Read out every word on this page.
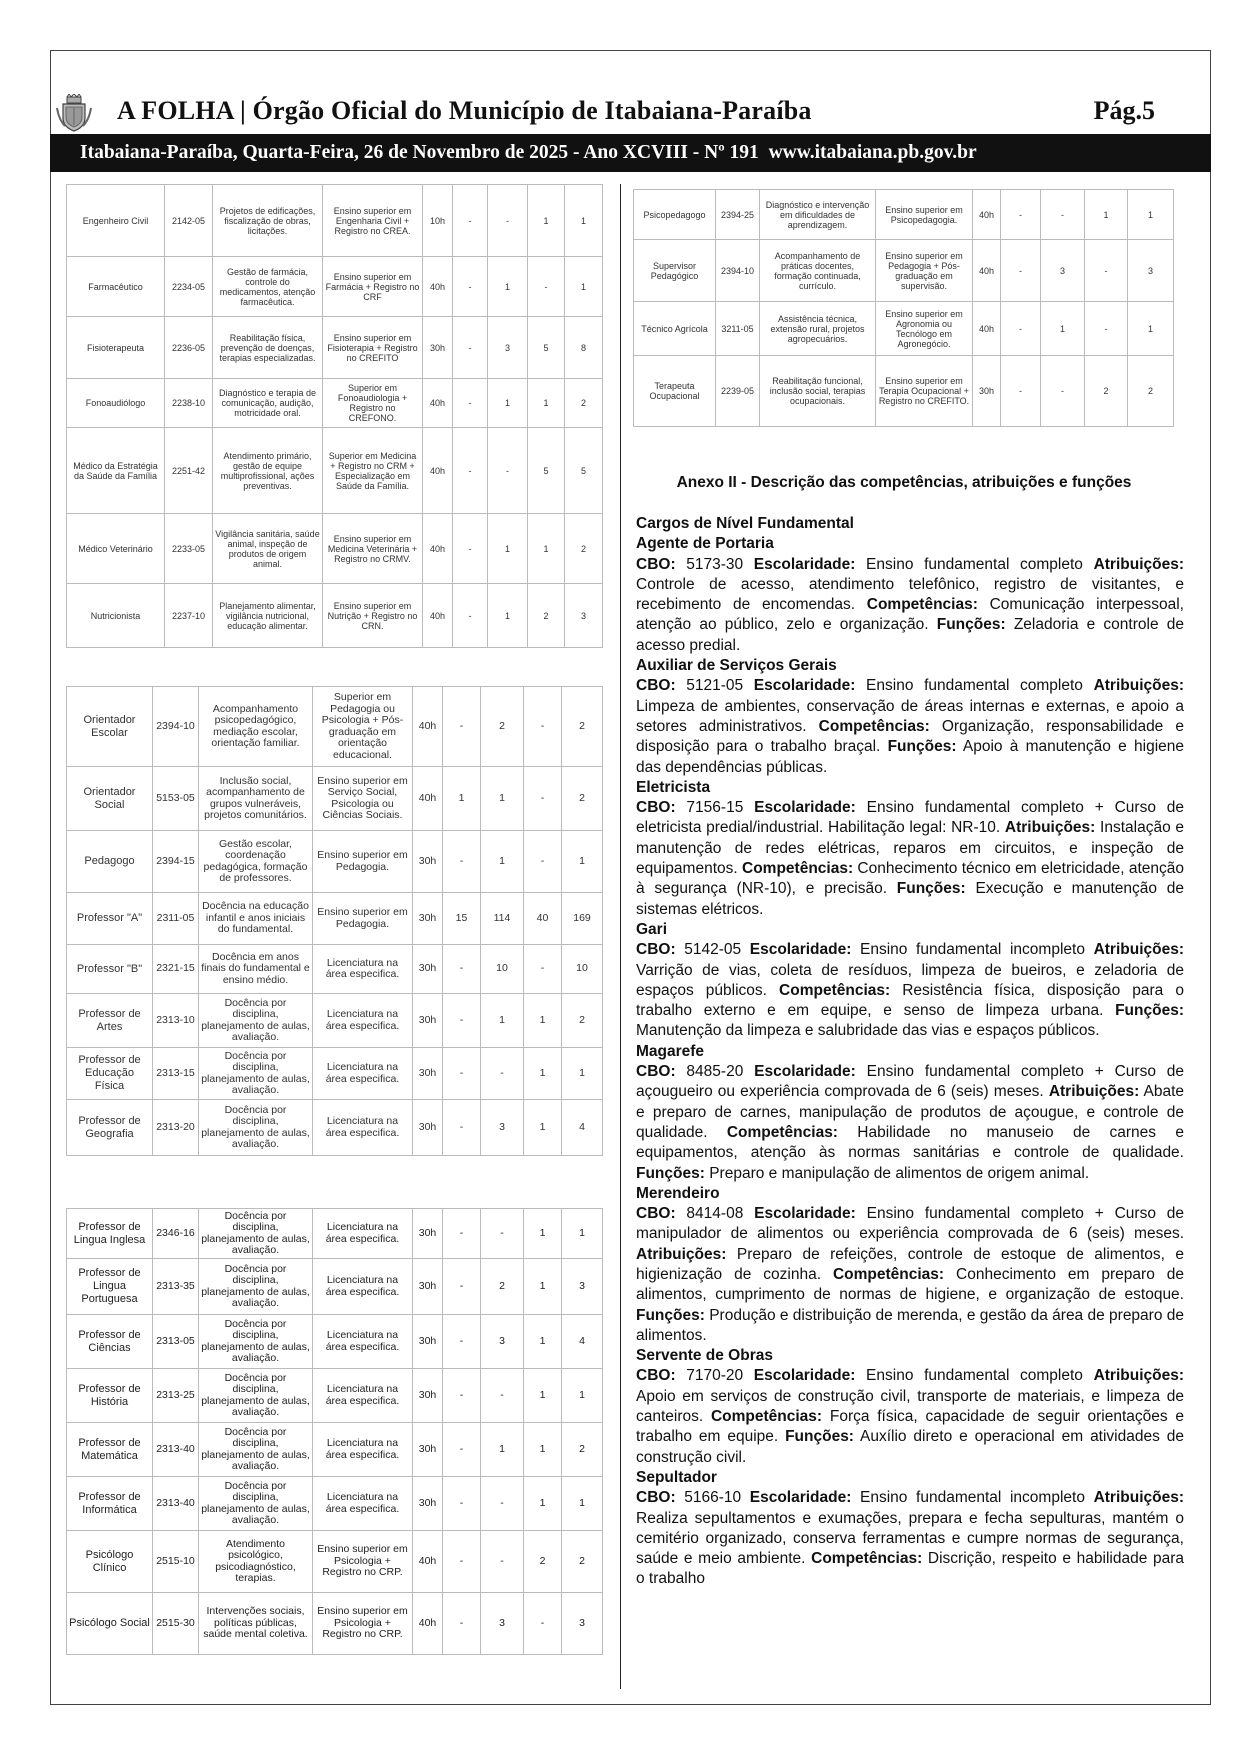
A FOLHA | Órgão Oficial do Município de Itabaiana-Paraíba	Pág.5
Itabaiana-Paraíba, Quarta-Feira, 26 de Novembro de 2025 - Ano XCVIII - Nº 191 www.itabaiana.pb.gov.br
Engenheiro Civil	2142-05	Projetos de edificações, fiscalização de obras, licitações.	Ensino superior em Engenharia Civil + Registro no CREA.	10h	-	-	1	1
Farmacêutico	2234-05	Gestão de farmácia, controle do medicamentos, atenção farmacêutica.	Ensino superior em Farmácia + Registro no CRF	40h	-	1	-	1
Fisioterapeuta	2236-05	Reabilitação física, prevenção de doenças, terapias especializadas.	Ensino superior em Fisioterapia + Registro no CREFITO	30h	-	3	5	8
Fonoaudiólogo	2238-10	Diagnóstico e terapia de comunicação, audição, motricidade oral.	Superior em Fonoaudiologia + Registro no CREFONO.	40h	-	1	1	2
Médico da Estratégia da Saúde da Família	2251-42	Atendimento primário, gestão de equipe multiprofissional, ações preventivas.	Superior em Medicina + Registro no CRM + Especialização em Saúde da Família.	40h	-	-	5	5
Médico Veterinário	2233-05	Vigilância sanitária, saúde animal, inspeção de produtos de origem animal.	Ensino superior em Medicina Veterinária + Registro no CRMV.	40h	-	1	1	2
Nutricionista	2237-10	Planejamento alimentar, vigilância nutricional, educação alimentar.	Ensino superior em Nutrição + Registro no CRN.	40h	-	1	2	3
Orientador Escolar	2394-10	Acompanhamento psicopedagógico, mediação escolar, orientação familiar.	Superior em Pedagogia ou Psicologia + Pós-graduação em orientação educacional.	40h	-	2	-	2
Orientador Social	5153-05	Inclusão social, acompanhamento de grupos vulneráveis, projetos comunitários.	Ensino superior em Serviço Social, Psicologia ou Ciências Sociais.	40h	1	1	-	2
Pedagogo	2394-15	Gestão escolar, coordenação pedagógica, formação de professores.	Ensino superior em Pedagogia.	30h	-	1	-	1
Professor "A"	2311-05	Docência na educação infantil e anos iniciais do fundamental.	Ensino superior em Pedagogia.	30h	15	114	40	169
Professor "B"	2321-15	Docência em anos finais do fundamental e ensino médio.	Licenciatura na área especifica.	30h	-	10	-	10
Professor de Artes	2313-10	Docência por disciplina, planejamento de aulas, avaliação.	Licenciatura na área especifica.	30h	-	1	1	2
Professor de Educação Física	2313-15	Docência por disciplina, planejamento de aulas, avaliação.	Licenciatura na área especifica.	30h	-	-	1	1
Professor de Geografia	2313-20	Docência por disciplina, planejamento de aulas, avaliação.	Licenciatura na área especifica.	30h	-	3	1	4
Professor de Lingua Inglesa	2346-16	Docência por disciplina, planejamento de aulas, avaliação.	Licenciatura na área especifica.	30h	-	-	1	1
Professor de Lingua Portuguesa	2313-35	Docência por disciplina, planejamento de aulas, avaliação.	Licenciatura na área especifica.	30h	-	2	1	3
Professor de Ciências	2313-05	Docência por disciplina, planejamento de aulas, avaliação.	Licenciatura na área especifica.	30h	-	3	1	4
Professor de História	2313-25	Docência por disciplina, planejamento de aulas, avaliação.	Licenciatura na área especifica.	30h	-	-	1	1
Professor de Matemática	2313-40	Docência por disciplina, planejamento de aulas, avaliação.	Licenciatura na área especifica.	30h	-	1	1	2
Professor de Informática	2313-40	Docência por disciplina, planejamento de aulas, avaliação.	Licenciatura na área especifica.	30h	-	-	1	1
Psicólogo Clínico	2515-10	Atendimento psicológico, psicodiagnóstico, terapias.	Ensino superior em Psicologia + Registro no CRP.	40h	-	-	2	2
Psicólogo Social	2515-30	Intervenções sociais, políticas públicas, saúde mental coletiva.	Ensino superior em Psicologia + Registro no CRP.	40h	-	3	-	3
Psicopedagogo	2394-25	Diagnóstico e intervenção em dificuldades de aprendizagem.	Ensino superior em Psicopedagogia.	40h	-	-	1	1
Supervisor Pedagógico	2394-10	Acompanhamento de práticas docentes, formação continuada, currículo.	Ensino superior em Pedagogia + Pós-graduação em supervisão.	40h	-	3	-	3
Técnico Agrícola	3211-05	Assistência técnica, extensão rural, projetos agropecuários.	Ensino superior em Agronomia ou Tecnólogo em Agronegócio.	40h	-	1	-	1
Terapeuta Ocupacional	2239-05	Reabilitação funcional, inclusão social, terapias ocupacionais.	Ensino superior em Terapia Ocupacional + Registro no CREFITO.	30h	-	-	2	2
Anexo II - Descrição das competências, atribuições e funções

Cargos de Nível Fundamental

Agente de Portaria

CBO: 5173-30 Escolaridade: Ensino fundamental completo Atribuições: Controle de acesso, atendimento telefônico, registro de visitantes, e recebimento de encomendas. Competências: Comunicação interpessoal, atenção ao público, zelo e organização. Funções: Zeladoria e controle de acesso predial.

Auxiliar de Serviços Gerais

CBO: 5121-05 Escolaridade: Ensino fundamental completo Atribuições: Limpeza de ambientes, conservação de áreas internas e externas, e apoio a setores administrativos. Competências: Organização, responsabilidade e disposição para o trabalho braçal. Funções: Apoio à manutenção e higiene das dependências públicas.

Eletricista

CBO: 7156-15 Escolaridade: Ensino fundamental completo + Curso de eletricista predial/industrial. Habilitação legal: NR-10. Atribuições: Instalação e manutenção de redes elétricas, reparos em circuitos, e inspeção de equipamentos. Competências: Conhecimento técnico em eletricidade, atenção à segurança (NR-10), e precisão. Funções: Execução e manutenção de sistemas elétricos.

Gari

CBO: 5142-05 Escolaridade: Ensino fundamental incompleto Atribuições: Varrição de vias, coleta de resíduos, limpeza de bueiros, e zeladoria de espaços públicos. Competências: Resistência física, disposição para o trabalho externo e em equipe, e senso de limpeza urbana. Funções: Manutenção da limpeza e salubridade das vias e espaços públicos.

Magarefe

CBO: 8485-20 Escolaridade: Ensino fundamental completo + Curso de açougueiro ou experiência comprovada de 6 (seis) meses. Atribuições: Abate e preparo de carnes, manipulação de produtos de açougue, e controle de qualidade. Competências: Habilidade no manuseio de carnes e equipamentos, atenção às normas sanitárias e controle de qualidade. Funções: Preparo e manipulação de alimentos de origem animal.

Merendeiro

CBO: 8414-08 Escolaridade: Ensino fundamental completo + Curso de manipulador de alimentos ou experiência comprovada de 6 (seis) meses. Atribuições: Preparo de refeições, controle de estoque de alimentos, e higienização de cozinha. Competências: Conhecimento em preparo de alimentos, cumprimento de normas de higiene, e organização de estoque. Funções: Produção e distribuição de merenda, e gestão da área de preparo de alimentos.

Servente de Obras

CBO: 7170-20 Escolaridade: Ensino fundamental completo Atribuições: Apoio em serviços de construção civil, transporte de materiais, e limpeza de canteiros. Competências: Força física, capacidade de seguir orientações e trabalho em equipe. Funções: Auxílio direto e operacional em atividades de construção civil.

Sepultador

CBO: 5166-10 Escolaridade: Ensino fundamental incompleto Atribuições: Realiza sepultamentos e exumações, prepara e fecha sepulturas, mantém o cemitério organizado, conserva ferramentas e cumpre normas de segurança, saúde e meio ambiente. Competências: Discrição, respeito e habilidade para o trabalho
